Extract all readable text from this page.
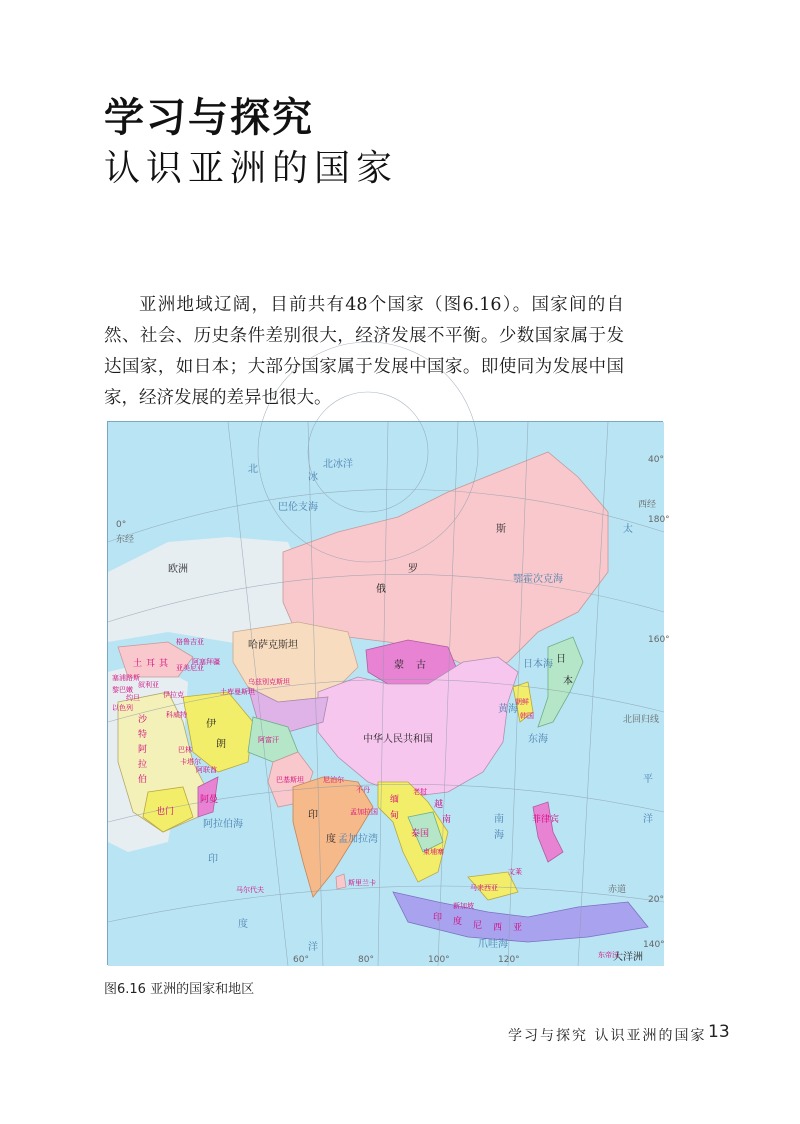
学习与探究
认识亚洲的国家

亚洲地域辽阔，目前共有48个国家（图6.16）。国家间的自然、社会、历史条件差别很大，经济发展不平衡。少数国家属于发达国家，如日本；大部分国家属于发展中国家。即使同为发展中国家，经济发展的差异也很大。

俄
罗
斯
蒙 古
中华人民共和国
哈萨克斯坦
日
本
印
度
伊
朗	阿富汗
巴基斯坦
土 耳 其
沙
特
阿
拉
伯
也门
阿曼	缅
甸
泰国
越
南	菲律宾
马来西亚
印 度 尼 西 亚
斯里兰卡
马尔代夫
孟加拉国
朝鲜
韩国
东帝汶
新加坡
文莱
柬埔寨
老挝
尼泊尔
不丹
乌兹别克斯坦
土库曼斯坦
阿联酋
卡塔尔
科威特
伊拉克
叙利亚
约旦
以色列
黎巴嫩
塞浦路斯
格鲁吉亚
阿塞拜疆
亚美尼亚
巴林
北
冰
巴伦支海
北冰洋
太
平
洋
印
度
洋
南
海
阿拉伯海
孟加拉湾
鄂霍次克海
日本海
东海
黄海
爪哇海
大洋洲
欧洲
0°
60°	80°	100°	120°
140°
160°
180°
20°
40°
西经
东经
北回归线
赤道
图6.16 亚洲的国家和地区
学习与探究 认识亚洲的国家 13
